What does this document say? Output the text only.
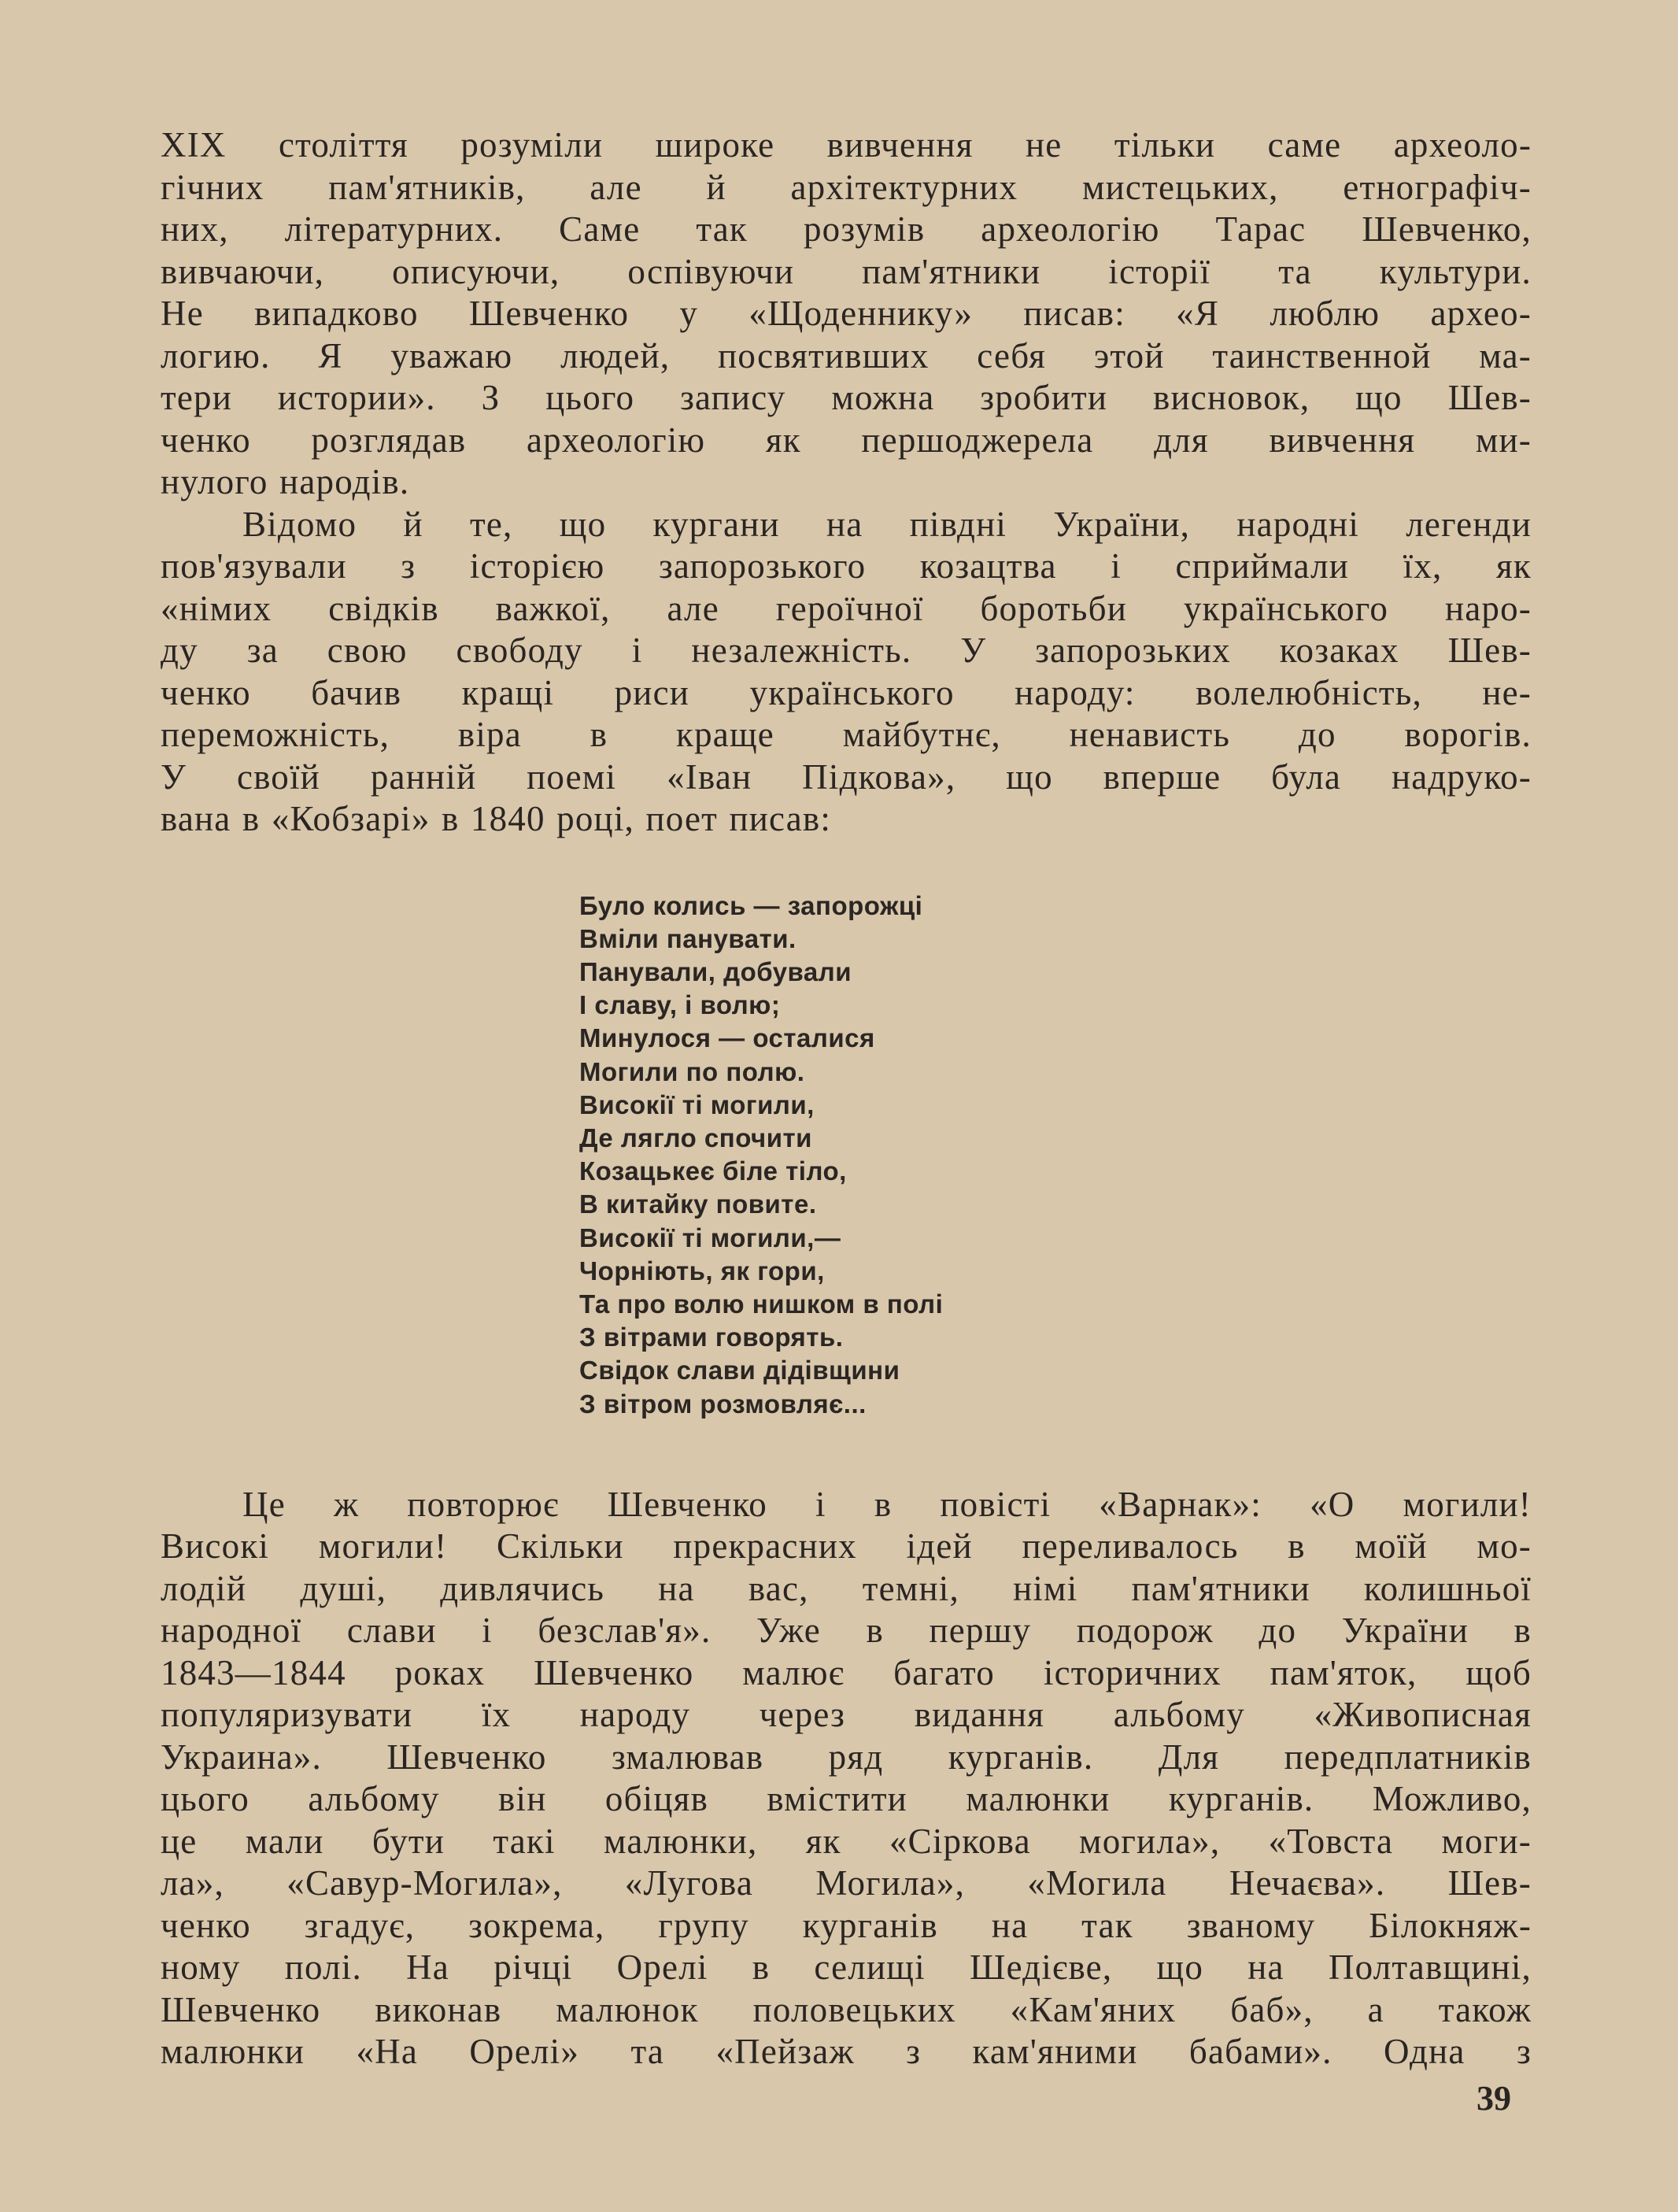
XIX століття розуміли широке вивчення не тільки саме археоло-
гічних пам'ятників, але й архітектурних мистецьких, етнографіч-
них, літературних. Саме так розумів археологію Тарас Шевченко,
вивчаючи, описуючи, оспівуючи пам'ятники історії та культури.
Не випадково Шевченко у «Щоденнику» писав: «Я люблю архео-
логию. Я уважаю людей, посвятивших себя этой таинственной ма-
тери истории». З цього запису можна зробити висновок, що Шев-
ченко розглядав археологію як першоджерела для вивчення ми-
нулого народів.
Відомо й те, що кургани на півдні України, народні легенди
пов'язували з історією запорозького козацтва і сприймали їх, як
«німих свідків важкої, але героїчної боротьби українського наро-
ду за свою свободу і незалежність. У запорозьких козаках Шев-
ченко бачив кращі риси українського народу: волелюбність, не-
переможність, віра в краще майбутнє, ненависть до ворогів.
У своїй ранній поемі «Іван Підкова», що вперше була надруко-
вана в «Кобзарі» в 1840 році, поет писав:
Було колись — запорожці
Вміли панувати.
Панували, добували
І славу, і волю;
Минулося — осталися
Могили по полю.
Високії ті могили,
Де лягло спочити
Козацькеє біле тіло,
В китайку повите.
Високії ті могили,—
Чорніють, як гори,
Та про волю нишком в полі
З вітрами говорять.
Свідок слави дідівщини
З вітром розмовляє...
Це ж повторює Шевченко і в повісті «Варнак»: «О могили!
Високі могили! Скільки прекрасних ідей переливалось в моїй мо-
лодій душі, дивлячись на вас, темні, німі пам'ятники колишньої
народної слави і безслав'я». Уже в першу подорож до України в
1843—1844 роках Шевченко малює багато історичних пам'яток, щоб
популяризувати їх народу через видання альбому «Живописная
Украина». Шевченко змалював ряд курганів. Для передплатників
цього альбому він обіцяв вмістити малюнки курганів. Можливо,
це мали бути такі малюнки, як «Сіркова могила», «Товста моги-
ла», «Савур-Могила», «Лугова Могила», «Могила Нечаєва». Шев-
ченко згадує, зокрема, групу курганів на так званому Білокняж-
ному полі. На річці Орелі в селищі Шедієве, що на Полтавщині,
Шевченко виконав малюнок половецьких «Кам'яних баб», а також
малюнки «На Орелі» та «Пейзаж з кам'яними бабами». Одна з
39
